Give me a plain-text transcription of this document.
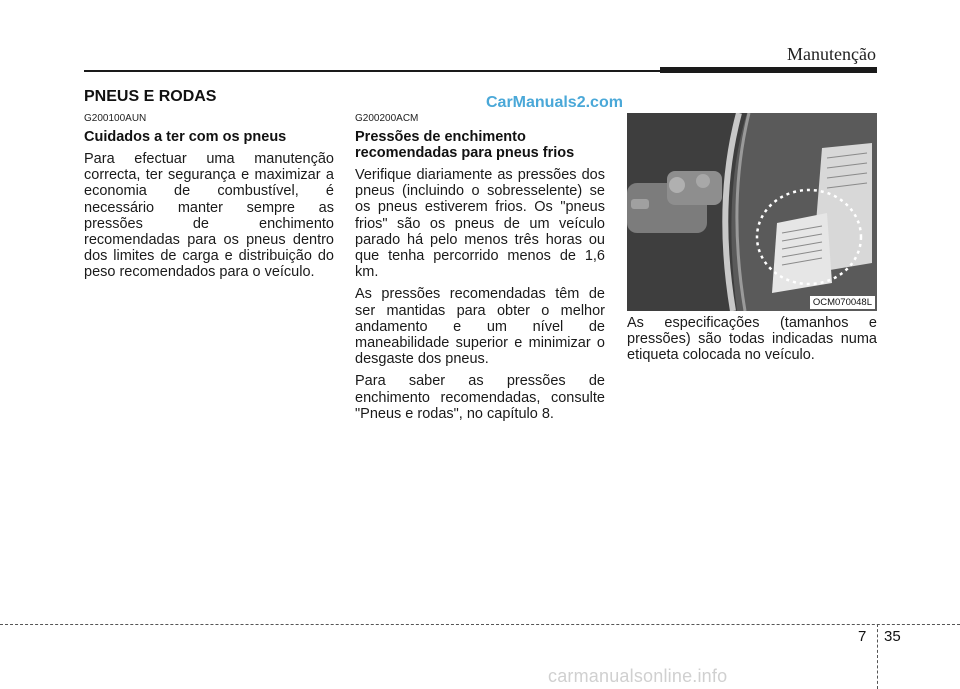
Manutenção
CarManuals2.com
PNEUS E RODAS

G200100AUN

Cuidados a ter com os pneus

Para efectuar uma manutenção correcta, ter segurança e maximizar a economia de combustível, é necessário manter sempre as pressões de enchimento recomendadas para os pneus dentro dos limites de carga e distribuição do peso recomendados para o veículo.

G200200ACM

Pressões de enchimento recomendadas para pneus frios

Verifique diariamente as pressões dos pneus (incluindo o sobresselente) se os pneus estiverem frios. Os "pneus frios" são os pneus de um veículo parado há pelo menos três horas ou que tenha percorrido menos de 1,6 km.

As pressões recomendadas têm de ser mantidas para obter o melhor andamento e um nível de maneabilidade superior e minimizar o desgaste dos pneus.

Para saber as pressões de enchimento recomendadas, consulte "Pneus e rodas", no capítulo 8.

OCM070048L

As especificações (tamanhos e pressões) são todas indicadas numa etiqueta colocada no veículo.

7 35
carmanualsonline.info
